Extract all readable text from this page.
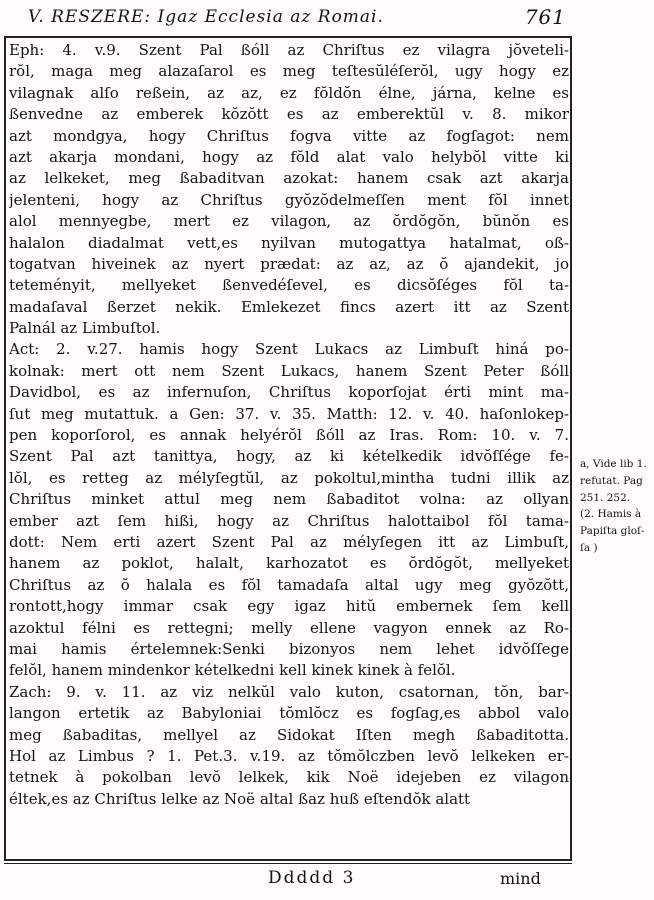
V. RESZERE: Igaz Ecclesia az Romai.	761
Eph: 4. v.9. Szent Pal ßóll az Chriſtus ez vilagra jŏveteli-
rŏl, maga meg alazaſarol es meg teſtesŭléſerŏl, ugy hogy ez
vilagnak alſo reßein, az az, ez fŏldŏn élne, járna, kelne es
ßenvedne az emberek kŏzŏtt es az emberektŭl v. 8. mikor
azt mondgya, hogy Chriſtus fogva vitte az fogſagot: nem
azt akarja mondani, hogy az fŏld alat valo helybŏl vitte ki
az lelkeket, meg ßabaditvan azokat: hanem csak azt akarja
jelenteni, hogy az Chriſtus gyŏzŏdelmeſſen ment fŏl innet
alol mennyegbe, mert ez vilagon, az ŏrdŏgŏn, bŭnŏn es
halalon diadalmat vett,es nyilvan mutogattya hatalmat, oß-
togatvan hiveinek az nyert prædat: az az, az ŏ ajandekit, jo
teteményit, mellyeket ßenvedéſevel, es dicsŏſéges fŏl ta-
madaſaval ßerzet nekik. Emlekezet fincs azert itt az Szent
Palnál az Limbuſtol.
Act: 2. v.27. hamis hogy Szent Lukacs az Limbuſt hiná po-
kolnak: mert ott nem Szent Lukacs, hanem Szent Peter ßóll
Davidbol, es az infernuſon, Chriſtus koporſojat érti mint ma-
ſut meg mutattuk. a Gen: 37. v. 35. Matth: 12. v. 40. haſonlokep-
pen koporſorol, es annak helyérŏl ßóll az Iras. Rom: 10. v. 7.
Szent Pal azt tanittya, hogy, az ki kételkedik idvŏſſége fe-
lŏl, es retteg az mélyſegtŭl, az pokoltul,mintha tudni illik az
Chriſtus minket attul meg nem ßabaditot volna: az ollyan
ember azt ſem hißi, hogy az Chriſtus halottaibol fŏl tama-
dott: Nem erti azert Szent Pal az mélyſegen itt az Limbuſt,
hanem az poklot, halalt, karhozatot es ŏrdŏgŏt, mellyeket
Chriſtus az ŏ halala es fŏl tamadaſa altal ugy meg gyŏzŏtt,
rontott,hogy immar csak egy igaz hitŭ embernek ſem kell
azoktul félni es rettegni; melly ellene vagyon ennek az Ro-
mai hamis értelemnek:Senki bizonyos nem lehet idvŏſſege
felŏl, hanem mindenkor kételkedni kell kinek kinek à felŏl.
Zach: 9. v. 11. az viz nelkŭl valo kuton, csatornan, tŏn, bar-
langon ertetik az Babyloniai tŏmlŏcz es fogſag,es abbol valo
meg ßabaditas, mellyel az Sidokat Iſten megh ßabaditotta.
Hol az Limbus ? 1. Pet.3. v.19. az tŏmŏlczben levŏ lelkeken er-
tetnek à pokolban levŏ lelkek, kik Noë idejeben ez vilagon
éltek,es az Chriſtus lelke az Noë altal ßaz huß eſtendŏk alatt
a, Vide lib 1.
refutat. Pag
251. 252.
(2. Hamis à
Papiſta gloſ-
ſa )
Ddddd 3	mind
